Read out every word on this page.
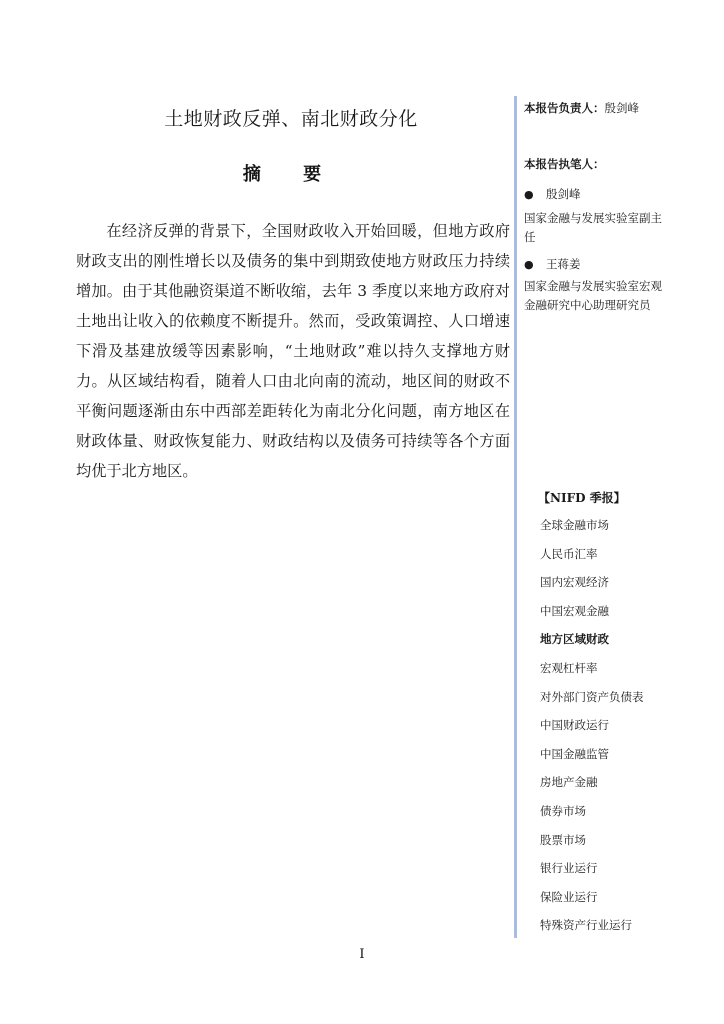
土地财政反弹、南北财政分化
摘 要

在经济反弹的背景下，全国财政收入开始回暖，但地方政府财政支出的刚性增长以及债务的集中到期致使地方财政压力持续增加。由于其他融资渠道不断收缩，去年 3 季度以来地方政府对土地出让收入的依赖度不断提升。然而，受政策调控、人口增速下滑及基建放缓等因素影响，“土地财政”难以持久支撑地方财力。从区域结构看，随着人口由北向南的流动，地区间的财政不平衡问题逐渐由东中西部差距转化为南北分化问题，南方地区在财政体量、财政恢复能力、财政结构以及债务可持续等各个方面均优于北方地区。

本报告负责人：殷剑峰
本报告执笔人：
● 殷剑峰
国家金融与发展实验室副主任
● 王蒋姜
国家金融与发展实验室宏观金融研究中心助理研究员
【NIFD 季报】
全球金融市场
人民币汇率
国内宏观经济
中国宏观金融
地方区域财政
宏观杠杆率
对外部门资产负债表
中国财政运行
中国金融监管
房地产金融
债券市场
股票市场
银行业运行
保险业运行
特殊资产行业运行
I
